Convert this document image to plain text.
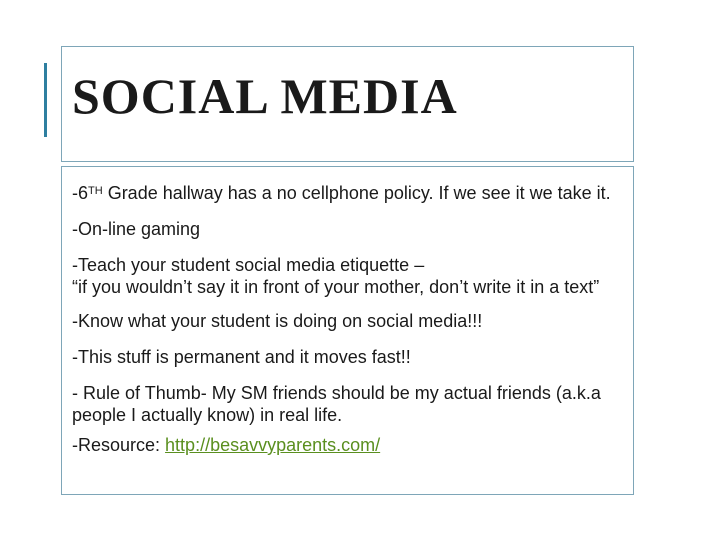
SOCIAL MEDIA
-6TH Grade hallway has a no cellphone policy. If we see it we take it.
-On-line gaming
-Teach your student social media etiquette –
“if you wouldn’t say it in front of your mother, don’t write it in a text”
-Know what your student is doing on social media!!!
-This stuff is permanent and it moves fast!!
- Rule of Thumb- My SM friends should be my actual friends (a.k.a people I actually know) in real life.
-Resource: http://besavvyparents.com/
